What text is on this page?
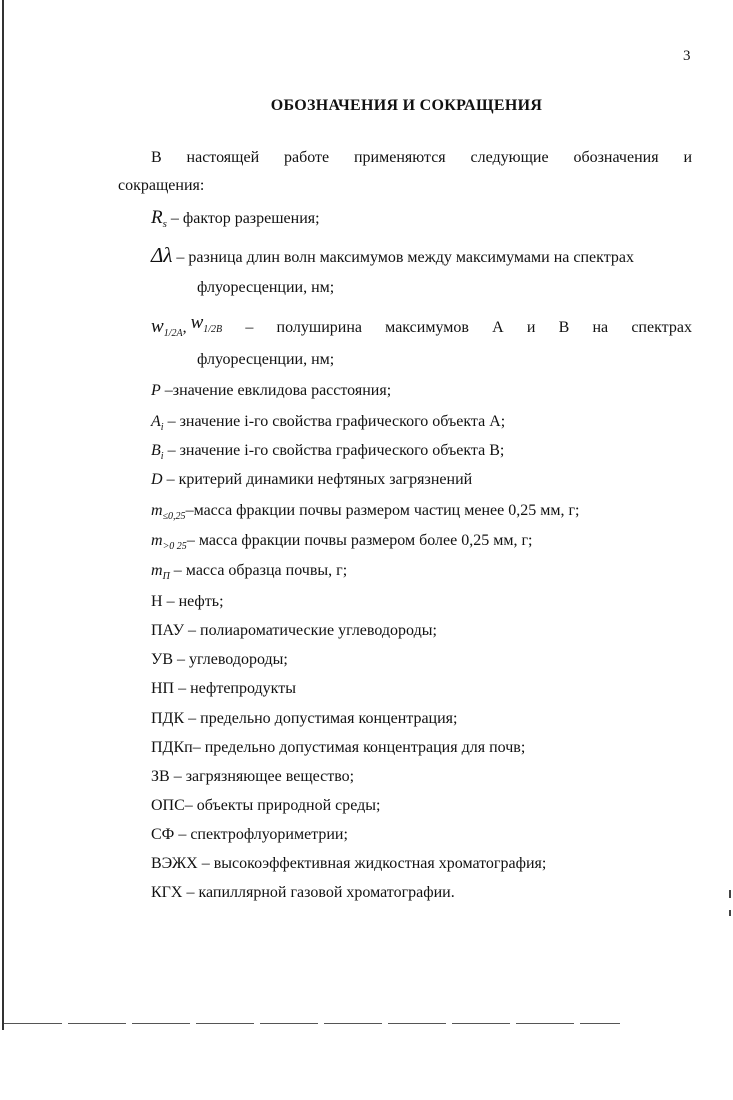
3
ОБОЗНАЧЕНИЯ И СОКРАЩЕНИЯ
В настоящей работе применяются следующие обозначения и
сокращения:
$R_s$ – фактор разрешения;
Δλ – разница длин волн максимумов между максимумами на спектрах
флуоресценции, нм;
$w_{1/2A}$, $w_{1/2B}$ – полуширина максимумов А и В на спектрах
флуоресценции, нм;
P –значение евклидова расстояния;
$A_i$ – значение i-го свойства графического объекта А;
$B_i$ – значение i-го свойства графического объекта В;
D – критерий динамики нефтяных загрязнений
$m_{\le 0,25}$–масса фракции почвы размером частиц менее 0,25 мм, г;
$m_{>0 25}-$ масса фракции почвы размером более 0,25 мм, г;
$m_П$ – масса образца почвы, г;
Н – нефть;
ПАУ – полиароматические углеводороды;
УВ – углеводороды;
НП – нефтепродукты
ПДК – предельно допустимая концентрация;
ПДКп– предельно допустимая концентрация для почв;
ЗВ – загрязняющее вещество;
ОПС– объекты природной среды;
СФ – спектрофлуориметрии;
ВЭЖХ – высокоэффективная жидкостная хроматография;
КГХ – капиллярной газовой хроматографии.
